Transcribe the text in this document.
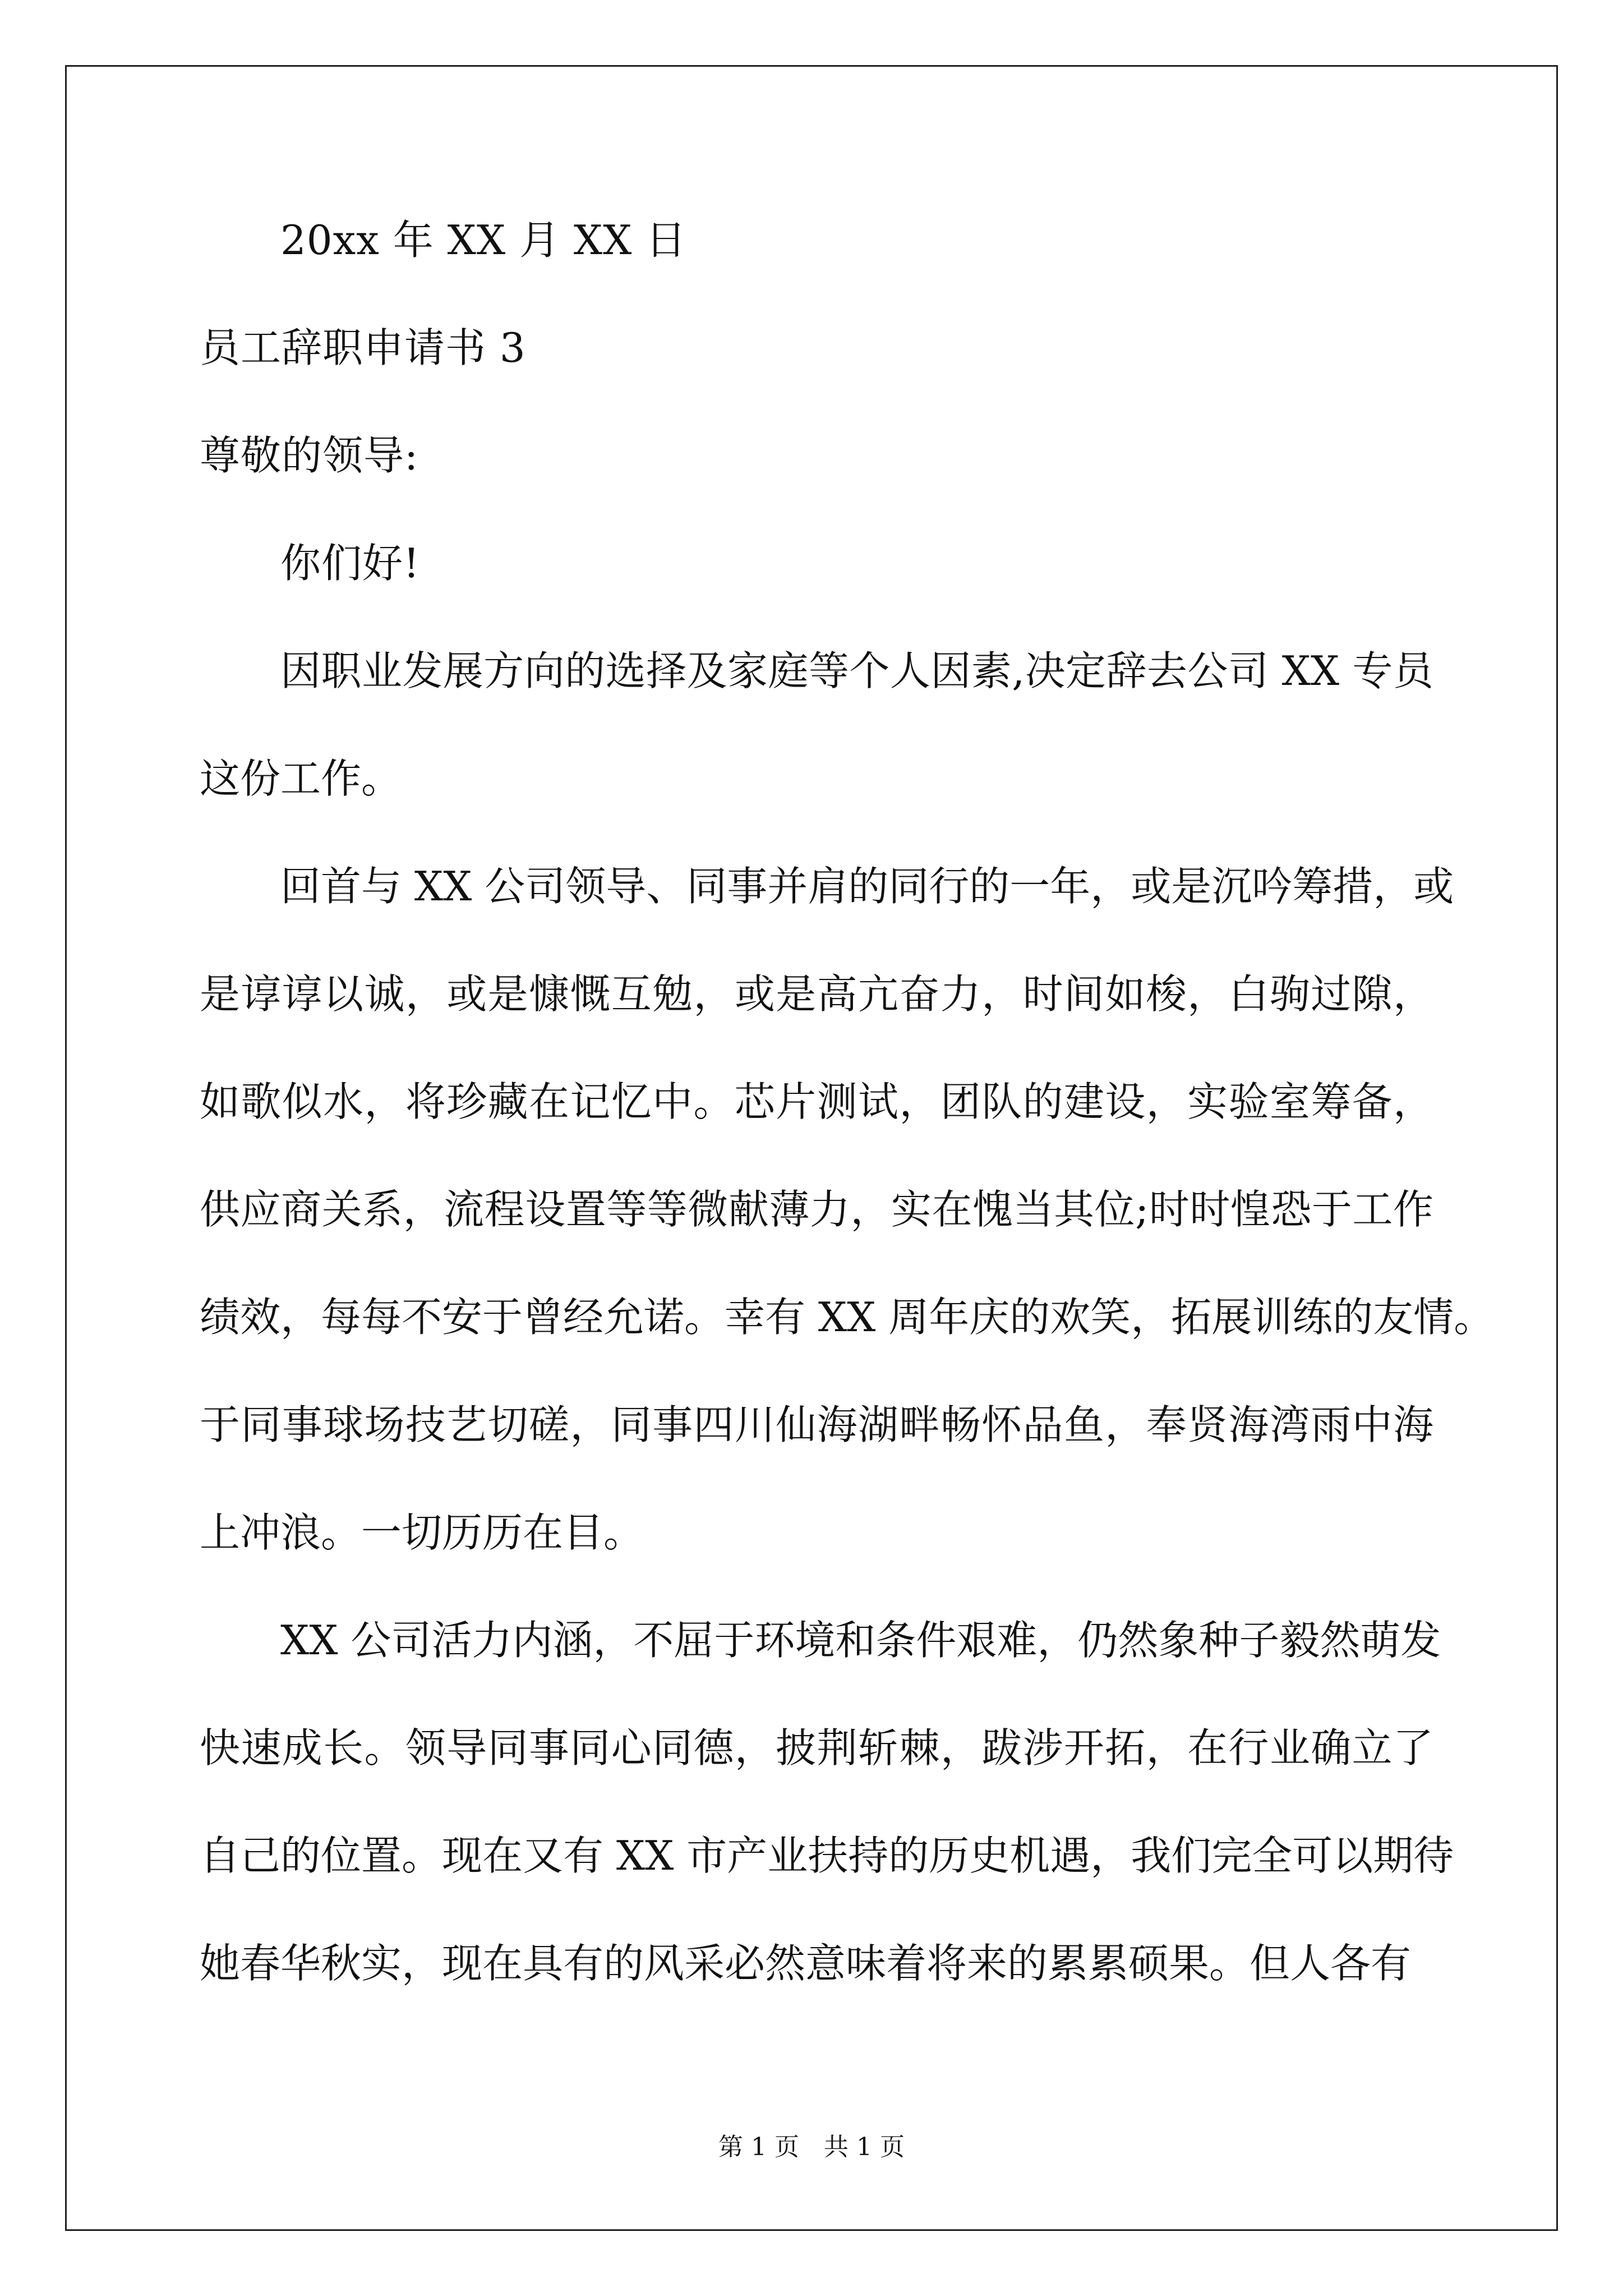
20xx 年 XX 月 XX 日
员工辞职申请书 3
尊敬的领导:
你们好!
因职业发展方向的选择及家庭等个人因素,决定辞去公司 XX 专员
这份工作。
回首与 XX 公司领导、同事并肩的同行的一年，或是沉吟筹措，或
是谆谆以诚，或是慷慨互勉，或是高亢奋力，时间如梭，白驹过隙，
如歌似水，将珍藏在记忆中。芯片测试，团队的建设，实验室筹备，
供应商关系，流程设置等等微献薄力，实在愧当其位;时时惶恐于工作
绩效，每每不安于曾经允诺。幸有 XX 周年庆的欢笑，拓展训练的友情。
于同事球场技艺切磋，同事四川仙海湖畔畅怀品鱼，奉贤海湾雨中海
上冲浪。一切历历在目。
XX 公司活力内涵，不屈于环境和条件艰难，仍然象种子毅然萌发
快速成长。领导同事同心同德，披荆斩棘，跋涉开拓，在行业确立了
自己的位置。现在又有 XX 市产业扶持的历史机遇，我们完全可以期待
她春华秋实，现在具有的风采必然意味着将来的累累硕果。但人各有
第 1 页　共 1 页
